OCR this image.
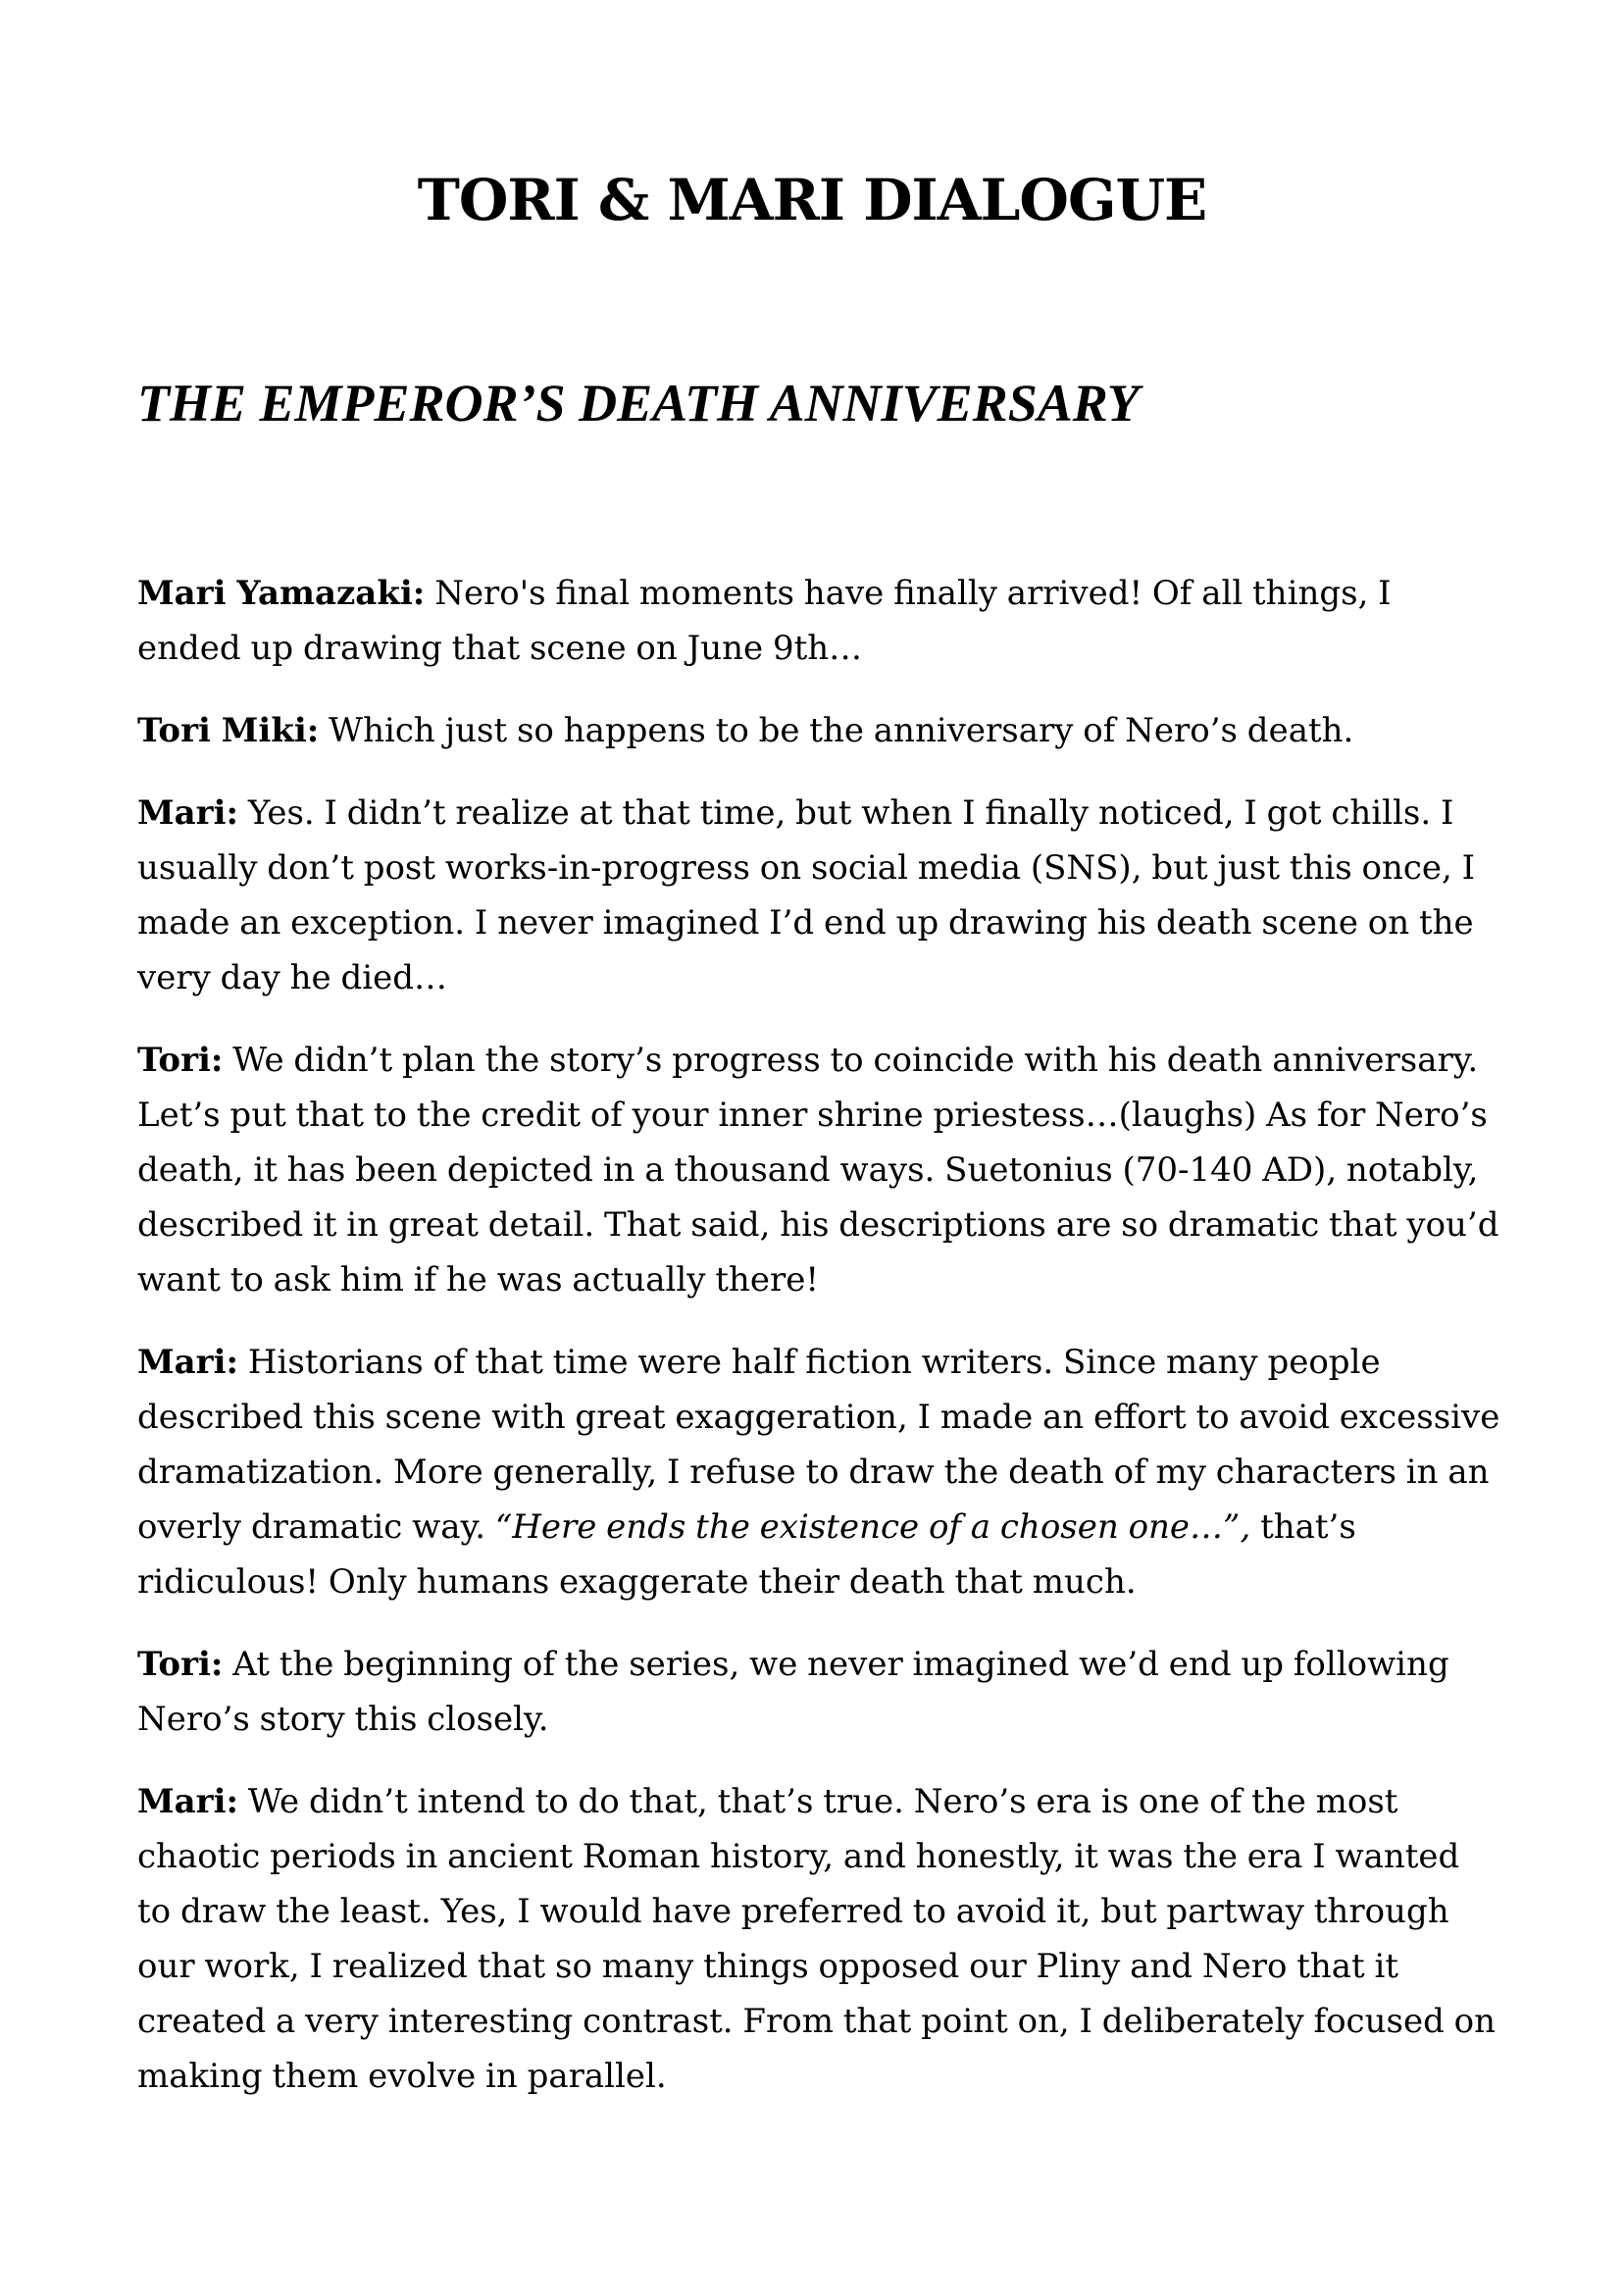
TORI & MARI DIALOGUE
THE EMPEROR’S DEATH ANNIVERSARY

Mari Yamazaki: Nero's final moments have finally arrived! Of all things, I ended up drawing that scene on June 9th…

Tori Miki: Which just so happens to be the anniversary of Nero’s death.

Mari: Yes. I didn’t realize at that time, but when I finally noticed, I got chills. I usually don’t post works-in-progress on social media (SNS), but just this once, I made an exception. I never imagined I’d end up drawing his death scene on the very day he died…

Tori: We didn’t plan the story’s progress to coincide with his death anniversary. Let’s put that to the credit of your inner shrine priestess…(laughs) As for Nero’s death, it has been depicted in a thousand ways. Suetonius (70-140 AD), notably, described it in great detail. That said, his descriptions are so dramatic that you’d want to ask him if he was actually there!

Mari: Historians of that time were half fiction writers. Since many people described this scene with great exaggeration, I made an effort to avoid excessive dramatization. More generally, I refuse to draw the death of my characters in an overly dramatic way. “Here ends the existence of a chosen one…”, that’s ridiculous! Only humans exaggerate their death that much.

Tori: At the beginning of the series, we never imagined we’d end up following Nero’s story this closely.

Mari: We didn’t intend to do that, that’s true. Nero’s era is one of the most chaotic periods in ancient Roman history, and honestly, it was the era I wanted to draw the least. Yes, I would have preferred to avoid it, but partway through our work, I realized that so many things opposed our Pliny and Nero that it created a very interesting contrast. From that point on, I deliberately focused on making them evolve in parallel.
